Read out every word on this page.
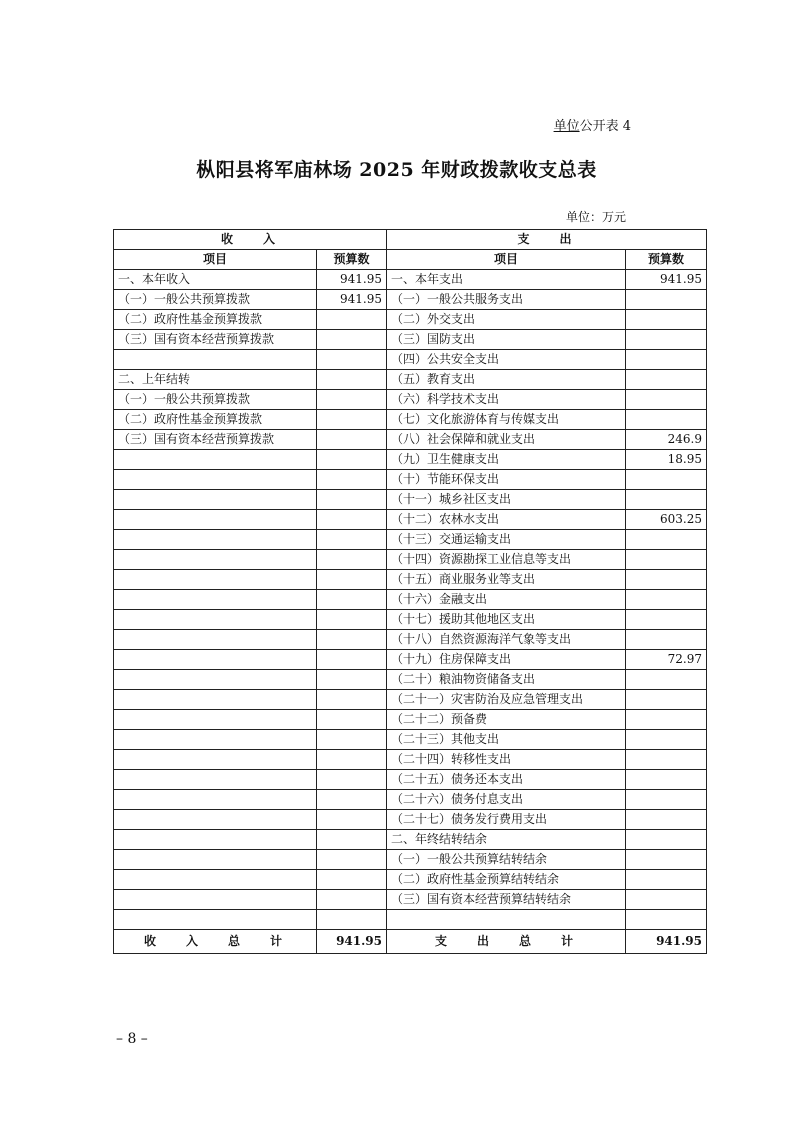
单位公开表 4
枞阳县将军庙林场 2025 年财政拨款收支总表
单位：万元
收入		支出	
项目	预算数	项目	预算数
一、本年收入	941.95	一、本年支出	941.95
（一）一般公共预算拨款	941.95	（一）一般公共服务支出	
（二）政府性基金预算拨款		（二）外交支出	
（三）国有资本经营预算拨款		（三）国防支出	
		（四）公共安全支出	
二、上年结转		（五）教育支出	
（一）一般公共预算拨款		（六）科学技术支出	
（二）政府性基金预算拨款		（七）文化旅游体育与传媒支出	
（三）国有资本经营预算拨款		（八）社会保障和就业支出	246.9
		（九）卫生健康支出	18.95
		（十）节能环保支出	
		（十一）城乡社区支出	
		（十二）农林水支出	603.25
		（十三）交通运输支出	
		（十四）资源勘探工业信息等支出	
		（十五）商业服务业等支出	
		（十六）金融支出	
		（十七）援助其他地区支出	
		（十八）自然资源海洋气象等支出	
		（十九）住房保障支出	72.97
		（二十）粮油物资储备支出	
		（二十一）灾害防治及应急管理支出	
		（二十二）预备费	
		（二十三）其他支出	
		（二十四）转移性支出	
		（二十五）债务还本支出	
		（二十六）债务付息支出	
		（二十七）债务发行费用支出	
		二、年终结转结余	
		（一）一般公共预算结转结余	
		（二）政府性基金预算结转结余	
		（三）国有资本经营预算结转结余	

收入总计	941.95	支出总计	941.95
– 8 –
